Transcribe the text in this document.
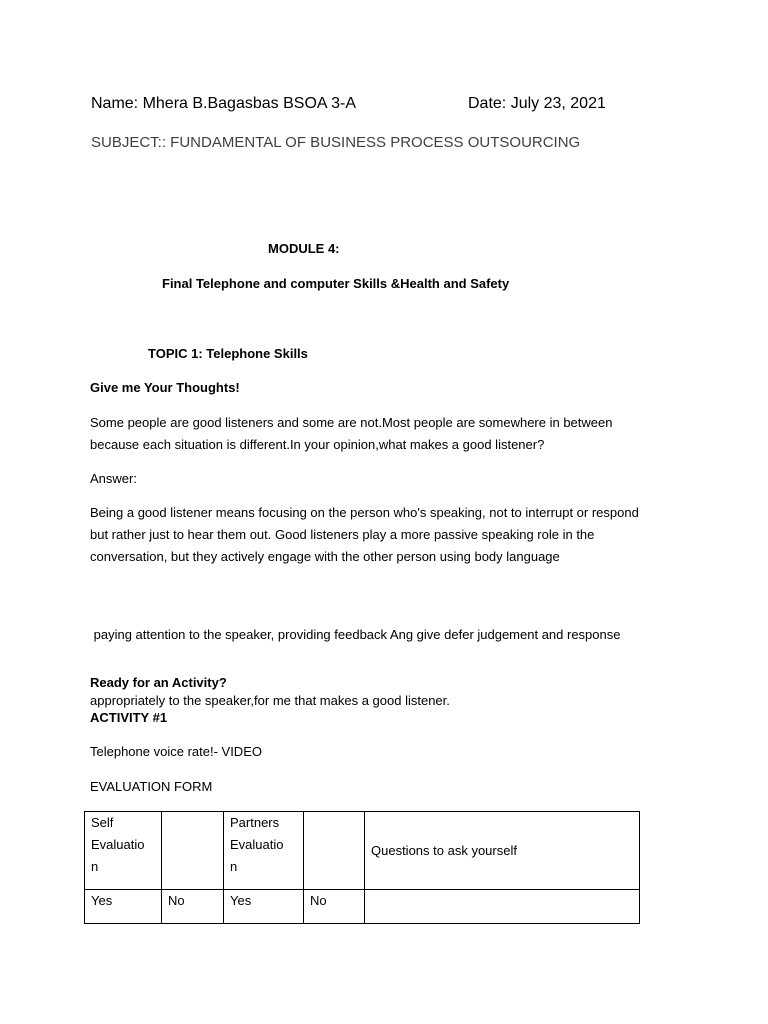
Name: Mhera B.Bagasbas BSOA 3-A	Date: July 23, 2021
SUBJECT:: FUNDAMENTAL OF BUSINESS PROCESS OUTSOURCING
MODULE 4:
Final Telephone and computer Skills &Health and Safety
TOPIC 1: Telephone Skills
Give me Your Thoughts!
Some people are good listeners and some are not.Most people are somewhere in between
because each situation is different.In your opinion,what makes a good listener?
Answer:
Being a good listener means focusing on the person who's speaking, not to interrupt or respond
but rather just to hear them out. Good listeners play a more passive speaking role in the
conversation, but they actively engage with the other person using body language

paying attention to the speaker, providing feedback Ang give defer judgement and response

appropriately to the speaker,for me that makes a good listener.

Ready for an Activity?
ACTIVITY #1
Telephone voice rate!- VIDEO
EVALUATION FORM
Self
Evaluatio
n		Partners
Evaluatio
n		Questions to ask yourself
Yes	No	Yes	No	
